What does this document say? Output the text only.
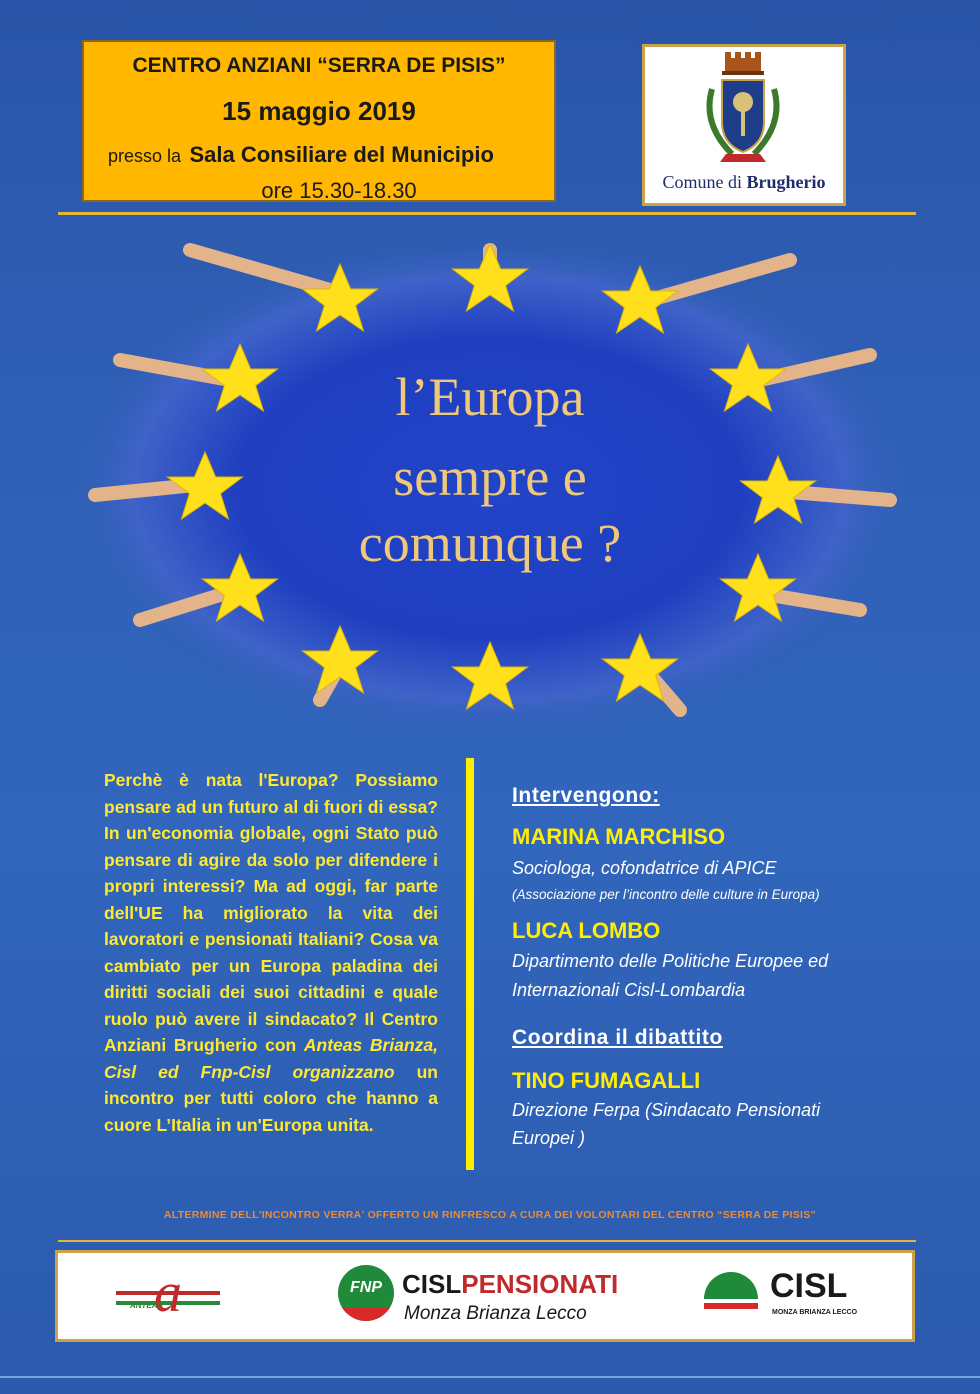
CENTRO ANZIANI “SERRA DE PISIS”
15 maggio 2019
presso la Sala Consiliare del Municipio
ore 15.30-18.30	Comune di Brugherio
l’Europa
sempre e
comunque ?
Perchè è nata l'Europa? Possiamo pensare ad un futuro al di fuori di essa? In un'economia globale, ogni Stato può pensare di agire da solo per difendere i propri interessi? Ma ad oggi, far parte dell'UE ha migliorato la vita dei lavoratori e pensionati Italiani? Cosa va cambiato per un Europa paladina dei diritti sociali dei suoi cittadini e quale ruolo può avere il sindacato? Il Centro Anziani Brugherio con Anteas Brianza, Cisl ed Fnp-Cisl organizzano un incontro per tutti coloro che hanno a cuore L’Italia in un'Europa unita.
Intervengono:
MARINA MARCHISO
Sociologa, cofondatrice di APICE
(Associazione per l’incontro delle culture in Europa)
LUCA LOMBO
Dipartimento delle Politiche Europee ed
Internazionali Cisl-Lombardia
Coordina il dibattito
TINO FUMAGALLI
Direzione Ferpa (Sindacato Pensionati
Europei )
ALTERMINE DELL'INCONTRO VERRA' OFFERTO UN RINFRESCO A CURA DEI VOLONTARI DEL CENTRO “SERRA DE PISIS”
a
ANTEAS
FNP CISLPENSIONATI
Monza Brianza Lecco
CISL
MONZA BRIANZA LECCO
